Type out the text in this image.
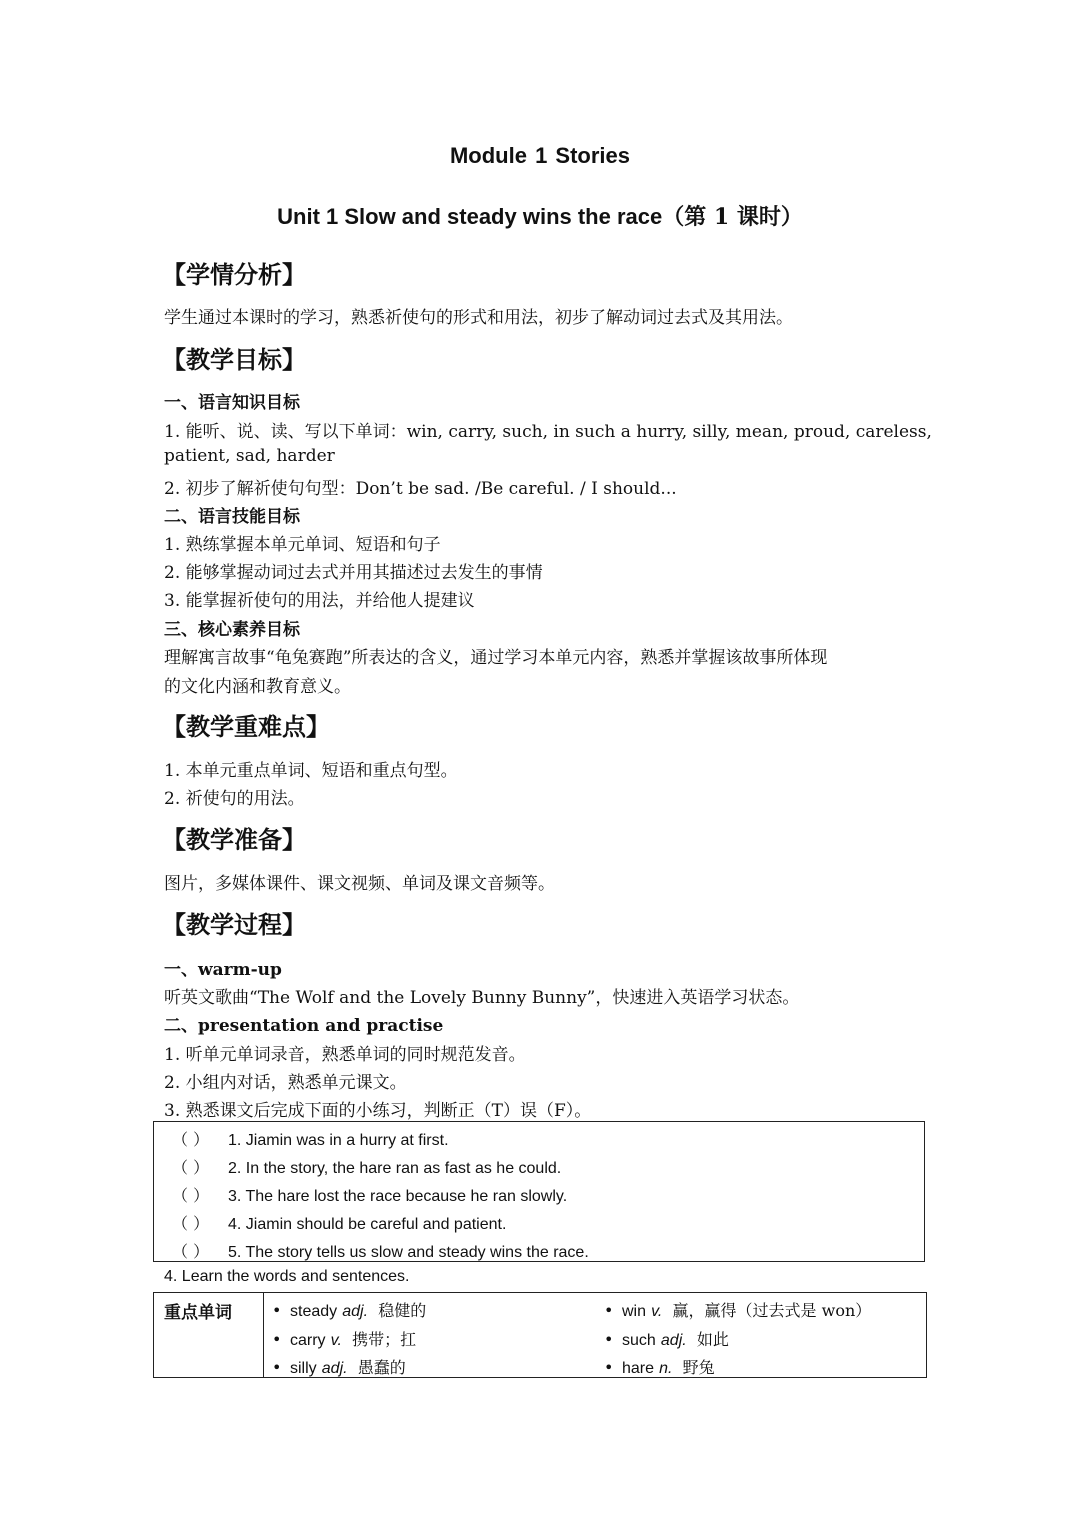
Module 1 Stories
Unit 1 Slow and steady wins the race（第 1 课时）
【学情分析】
学生通过本课时的学习，熟悉祈使句的形式和用法，初步了解动词过去式及其用法。
【教学目标】
一、语言知识目标
1. 能听、说、读、写以下单词：win, carry, such, in such a hurry, silly, mean, proud, careless,
patient, sad, harder
2. 初步了解祈使句句型：Don’t be sad. /Be careful. / I should...
二、语言技能目标
1. 熟练掌握本单元单词、短语和句子
2. 能够掌握动词过去式并用其描述过去发生的事情
3. 能掌握祈使句的用法，并给他人提建议
三、核心素养目标
理解寓言故事“龟兔赛跑”所表达的含义，通过学习本单元内容，熟悉并掌握该故事所体现
的文化内涵和教育意义。
【教学重难点】
1. 本单元重点单词、短语和重点句型。
2. 祈使句的用法。
【教学准备】
图片，多媒体课件、课文视频、单词及课文音频等。
【教学过程】
一、warm-up
听英文歌曲“The Wolf and the Lovely Bunny Bunny”，快速进入英语学习状态。
二、presentation and practise
1. 听单元单词录音，熟悉单词的同时规范发音。
2. 小组内对话，熟悉单元课文。
3. 熟悉课文后完成下面的小练习，判断正（T）误（F）。
（ ） 1. Jiamin was in a hurry at first.
（ ） 2. In the story, the hare ran as fast as he could.
（ ） 3. The hare lost the race because he ran slowly.
（ ） 4. Jiamin should be careful and patient.
（ ） 5. The story tells us slow and steady wins the race.
4. Learn the words and sentences.
重点单词	• steady adj. 稳健的	• win v. 赢，赢得（过去式是 won）
• carry v. 携带；扛	• such adj. 如此
• silly adj. 愚蠢的	• hare n. 野兔
